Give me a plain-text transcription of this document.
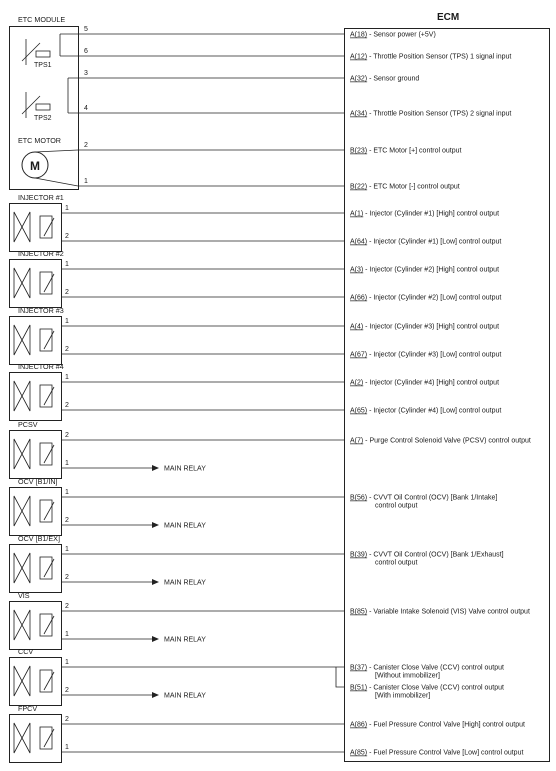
ECM
ETC MODULE
ETC MOTOR
M
TPS1
TPS2
5
A(18) - Sensor power (+5V)
6
A(12) - Throttle Position Sensor (TPS) 1 signal input
3
A(32) - Sensor ground
4
A(34) - Throttle Position Sensor (TPS) 2 signal input
2
B(23) - ETC Motor [+] control output
1
B(22) - ETC Motor [-] control output
INJECTOR #1
1
A(1) - Injector (Cylinder #1) [High] control output
2
A(64) - Injector (Cylinder #1) [Low] control output
INJECTOR #2
1
A(3) - Injector (Cylinder #2) [High] control output
2
A(66) - Injector (Cylinder #2) [Low] control output
INJECTOR #3
1
A(4) - Injector (Cylinder #3) [High] control output
2
A(67) - Injector (Cylinder #3) [Low] control output
INJECTOR #4
1
A(2) - Injector (Cylinder #4) [High] control output
2
A(65) - Injector (Cylinder #4) [Low] control output
PCSV
2
A(7) - Purge Control Solenoid Valve (PCSV) control output
1
MAIN RELAY
OCV [B1/IN]
1
B(56) - CVVT Oil Control (OCV) [Bank 1/Intake]
control output
2
MAIN RELAY
OCV [B1/EX]
1
B(39) - CVVT Oil Control (OCV) [Bank 1/Exhaust]
control output
2
MAIN RELAY
VIS
2
B(85) - Variable Intake Solenoid (VIS) Valve control output
1
MAIN RELAY
CCV
1
B(37) - Canister Close Valve (CCV) control output
[Without immobilizer]
2
MAIN RELAY
B(51) - Canister Close Valve (CCV) control output
[With immobilizer]
FPCV
2
A(86) - Fuel Pressure Control Valve [High] control output
1
A(85) - Fuel Pressure Control Valve [Low] control output
